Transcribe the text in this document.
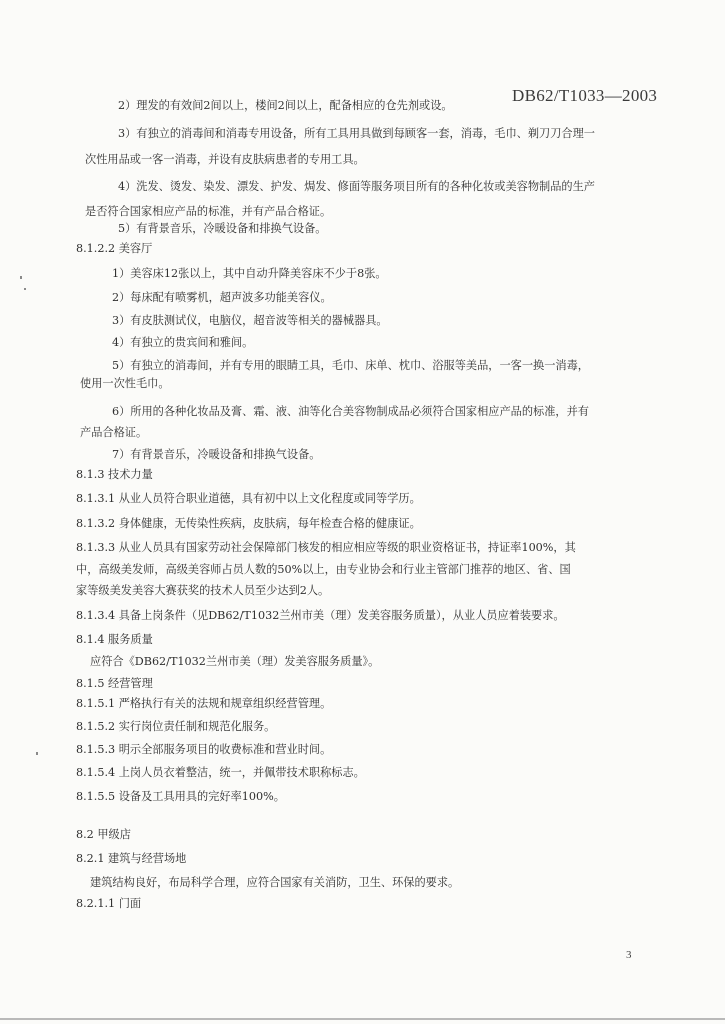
DB62/T1033—2003
2）理发的有效间2间以上，楼间2间以上，配备相应的仓先剂或设。
3）有独立的消毒间和消毒专用设备，所有工具用具做到每顾客一套，消毒，毛巾、剃刀刀合理一
次性用品或一客一消毒，并设有皮肤病患者的专用工具。
4）洗发、烫发、染发、漂发、护发、焗发、修面等服务项目所有的各种化妆或美容物制品的生产
是否符合国家相应产品的标准，并有产品合格证。
5）有背景音乐，冷暖设备和排换气设备。
8.1.2.2 美容厅
1）美容床12张以上，其中自动升降美容床不少于8张。
2）每床配有喷雾机，超声波多功能美容仪。
3）有皮肤测试仪，电脑仪，超音波等相关的器械器具。
4）有独立的贵宾间和雅间。
5）有独立的消毒间，并有专用的眼睛工具，毛巾、床单、枕巾、浴服等美品，一客一换一消毒，
使用一次性毛巾。
6）所用的各种化妆品及膏、霜、液、油等化合美容物制成品必须符合国家相应产品的标准，并有
产品合格证。
7）有背景音乐，冷暖设备和排换气设备。
8.1.3 技术力量
8.1.3.1 从业人员符合职业道德，具有初中以上文化程度或同等学历。
8.1.3.2 身体健康，无传染性疾病，皮肤病，每年检查合格的健康证。
8.1.3.3 从业人员具有国家劳动社会保障部门核发的相应相应等级的职业资格证书，持证率100%，其
中，高级美发师，高级美容师占员人数的50%以上，由专业协会和行业主管部门推荐的地区、省、国
家等级美发美容大赛获奖的技术人员至少达到2人。
8.1.3.4 具备上岗条件（见DB62/T1032兰州市美（理）发美容服务质量），从业人员应着装要求。
8.1.4 服务质量
应符合《DB62/T1032兰州市美（理）发美容服务质量》。
8.1.5 经营管理
8.1.5.1 严格执行有关的法规和规章组织经营管理。
8.1.5.2 实行岗位责任制和规范化服务。
8.1.5.3 明示全部服务项目的收费标准和营业时间。
8.1.5.4 上岗人员衣着整洁，统一，并佩带技术职称标志。
8.1.5.5 设备及工具用具的完好率100%。
8.2 甲级店
8.2.1 建筑与经营场地
建筑结构良好，布局科学合理，应符合国家有关消防，卫生、环保的要求。
8.2.1.1 门面
3
